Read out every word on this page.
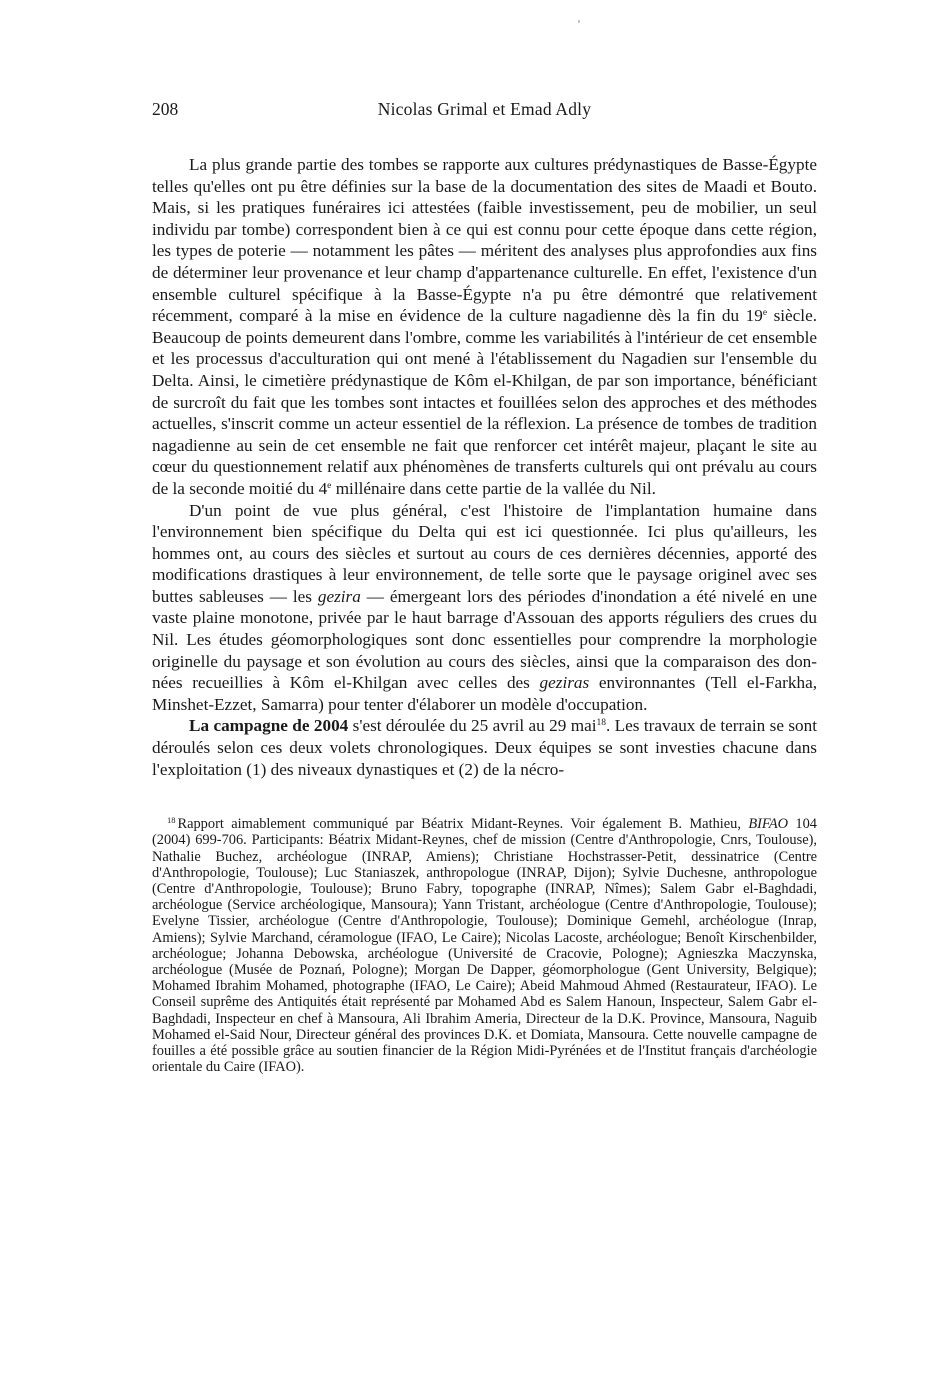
208	Nicolas Grimal et Emad Adly

La plus grande partie des tombes se rapporte aux cultures prédynastiques de Basse-Égypte telles qu'elles ont pu être définies sur la base de la documentation des sites de Maadi et Bouto. Mais, si les pratiques funéraires ici attestées (faible investissement, peu de mobilier, un seul individu par tombe) correspondent bien à ce qui est connu pour cette époque dans cette région, les types de poterie — notamment les pâtes — méritent des analyses plus approfondies aux fins de déterminer leur provenance et leur champ d'appartenance culturelle. En effet, l'existence d'un ensemble culturel spécifique à la Basse-Égypte n'a pu être démontré que relativement récemment, comparé à la mise en évidence de la culture nagadienne dès la fin du 19e siècle. Beaucoup de points demeurent dans l'ombre, comme les variabilités à l'intérieur de cet ensemble et les processus d'acculturation qui ont mené à l'établissement du Nagadien sur l'ensemble du Delta. Ainsi, le cimetière prédynastique de Kôm el-Khilgan, de par son importance, bénéficiant de surcroît du fait que les tombes sont intactes et fouillées selon des approches et des méthodes actuelles, s'inscrit comme un acteur essentiel de la réflexion. La présence de tombes de tradition nagadienne au sein de cet ensemble ne fait que renforcer cet intérêt majeur, plaçant le site au cœur du questionnement relatif aux phénomènes de transferts culturels qui ont prévalu au cours de la seconde moitié du 4e millénaire dans cette partie de la vallée du Nil.

D'un point de vue plus général, c'est l'histoire de l'implantation humaine dans l'environnement bien spécifique du Delta qui est ici questionnée. Ici plus qu'ailleurs, les hommes ont, au cours des siècles et surtout au cours de ces dernières décennies, apporté des modifications drastiques à leur environnement, de telle sorte que le paysage originel avec ses buttes sableuses — les gezira — émergeant lors des périodes d'inondation a été nivelé en une vaste plaine monotone, privée par le haut barrage d'Assouan des apports réguliers des crues du Nil. Les études géomorphologiques sont donc essentielles pour comprendre la morphologie originelle du paysage et son évolution au cours des siècles, ainsi que la comparaison des données recueillies à Kôm el-Khilgan avec celles des geziras environnantes (Tell el-Farkha, Minshet-Ezzet, Samarra) pour tenter d'élaborer un modèle d'occupation.

La campagne de 2004 s'est déroulée du 25 avril au 29 mai$^{18}$. Les travaux de terrain se sont déroulés selon ces deux volets chronologiques. Deux équipes se sont investies chacune dans l'exploitation (1) des niveaux dynastiques et (2) de la nécro-

$^{18}$ Rapport aimablement communiqué par Béatrix Midant-Reynes. Voir également B. Mathieu, BIFAO 104 (2004) 699-706. Participants: Béatrix Midant-Reynes, chef de mission (Centre d'Anthropologie, Cnrs, Toulouse), Nathalie Buchez, archéologue (INRAP, Amiens); Christiane Hochstrasser-Petit, dessinatrice (Centre d'Anthropologie, Toulouse); Luc Staniaszek, anthropologue (INRAP, Dijon); Sylvie Duchesne, anthropologue (Centre d'Anthropologie, Toulouse); Bruno Fabry, topographe (INRAP, Nîmes); Salem Gabr el-Baghdadi, archéologue (Service archéologique, Mansoura); Yann Tristant, archéologue (Centre d'Anthropologie, Toulouse); Evelyne Tissier, archéologue (Centre d'Anthropologie, Toulouse); Dominique Gemehl, archéologue (Inrap, Amiens); Sylvie Marchand, céramologue (IFAO, Le Caire); Nicolas Lacoste, archéologue; Benoît Kirschenbilder, archéologue; Johanna Debowska, archéologue (Université de Cracovie, Pologne); Agnieszka Maczynska, archéologue (Musée de Poznań, Pologne); Morgan De Dapper, géomorphologue (Gent University, Belgique); Mohamed Ibrahim Mohamed, photographe (IFAO, Le Caire); Abeid Mahmoud Ahmed (Restaurateur, IFAO). Le Conseil suprême des Antiquités était représenté par Mohamed Abd es Salem Hanoun, Inspecteur, Salem Gabr el-Baghdadi, Inspecteur en chef à Mansoura, Ali Ibrahim Ameria, Directeur de la D.K. Province, Mansoura, Naguib Mohamed el-Said Nour, Directeur général des provinces D.K. et Domiata, Mansoura. Cette nouvelle campagne de fouilles a été possible grâce au soutien financier de la Région Midi-Pyrénées et de l'Institut français d'archéologie orientale du Caire (IFAO).
